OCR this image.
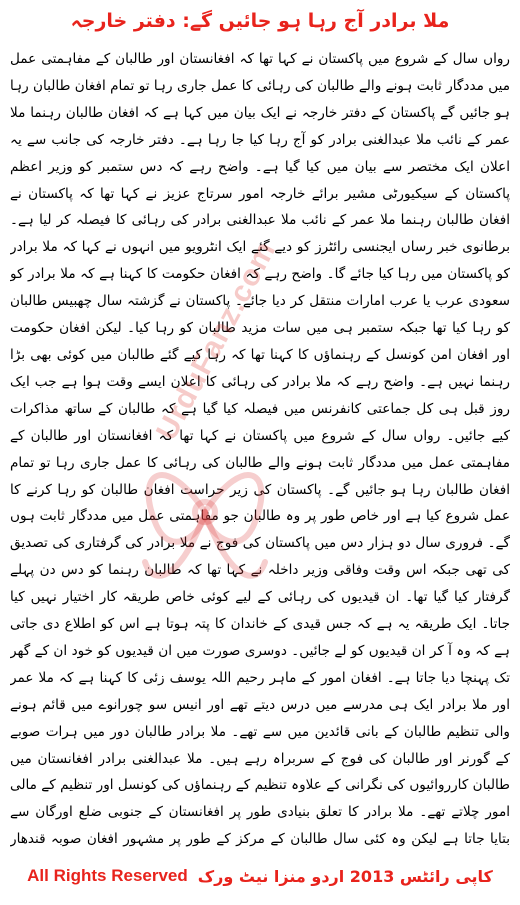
ملا برادر آج رہا ہو جائیں گے: دفتر خارجہ

رواں سال کے شروع میں پاکستان نے کہا تھا کہ افغانستان اور طالبان کے مفاہمتی عمل میں مددگار ثابت ہونے والے طالبان کی رہائی کا عمل جاری رہا تو تمام افغان طالبان رہا ہو جائیں گے پاکستان کے دفتر خارجہ نے ایک بیان میں کہا ہے کہ افغان طالبان رہنما ملا عمر کے نائب ملا عبدالغنی برادر کو آج رہا کیا جا رہا ہے۔ دفتر خارجہ کی جانب سے یہ اعلان ایک مختصر سے بیان میں کیا گیا ہے۔ واضح رہے کہ دس ستمبر کو وزیر اعظم پاکستان کے سیکیورٹی مشیر برائے خارجہ امور سرتاج عزیز نے کہا تھا کہ پاکستان نے افغان طالبان رہنما ملا عمر کے نائب ملا عبدالغنی برادر کی رہائی کا فیصلہ کر لیا ہے۔ برطانوی خبر رساں ایجنسی رائٹرز کو دیے گئے ایک انٹرویو میں انہوں نے کہا کہ ملا برادر کو پاکستان میں رہا کیا جائے گا۔ واضح رہے کہ افغان حکومت کا کہنا ہے کہ ملا برادر کو سعودی عرب یا عرب امارات منتقل کر دیا جائے۔ پاکستان نے گزشتہ سال چھبیس طالبان کو رہا کیا تھا جبکہ ستمبر ہی میں سات مزید طالبان کو رہا کیا۔ لیکن افغان حکومت اور افغان امن کونسل کے رہنماؤں کا کہنا تھا کہ رہا کیے گئے طالبان میں کوئی بھی بڑا رہنما نہیں ہے۔ واضح رہے کہ ملا برادر کی رہائی کا اعلان ایسے وقت ہوا ہے جب ایک روز قبل ہی کل جماعتی کانفرنس میں فیصلہ کیا گیا ہے کہ طالبان کے ساتھ مذاکرات کیے جائیں۔ رواں سال کے شروع میں پاکستان نے کہا تھا کہ افغانستان اور طالبان کے مفاہمتی عمل میں مددگار ثابت ہونے والے طالبان کی رہائی کا عمل جاری رہا تو تمام افغان طالبان رہا ہو جائیں گے۔ پاکستان کی زیر حراست افغان طالبان کو رہا کرنے کا عمل شروع کیا ہے اور خاص طور پر وہ طالبان جو مفاہمتی عمل میں مددگار ثابت ہوں گے۔ فروری سال دو ہزار دس میں پاکستان کی فوج نے ملا برادر کی گرفتاری کی تصدیق کی تھی جبکہ اس وقت وفاقی وزیر داخلہ نے کہا تھا کہ طالبان رہنما کو دس دن پہلے گرفتار کیا گیا تھا۔ ان قیدیوں کی رہائی کے لیے کوئی خاص طریقہ کار اختیار نہیں کیا جاتا۔ ایک طریقہ یہ ہے کہ جس قیدی کے خاندان کا پتہ ہوتا ہے اس کو اطلاع دی جاتی ہے کہ وہ آ کر ان قیدیوں کو لے جائیں۔ دوسری صورت میں ان قیدیوں کو خود ان کے گھر تک پہنچا دیا جاتا ہے۔ افغان امور کے ماہر رحیم اللہ یوسف زئی کا کہنا ہے کہ ملا عمر اور ملا برادر ایک ہی مدرسے میں درس دیتے تھے اور انیس سو چورانوے میں قائم ہونے والی تنظیم طالبان کے بانی قائدین میں سے تھے۔ ملا برادر طالبان دور میں ہرات صوبے کے گورنر اور طالبان کی فوج کے سربراہ رہے ہیں۔ ملا عبدالغنی برادر افغانستان میں طالبان کارروائیوں کی نگرانی کے علاوہ تنظیم کے رہنماؤں کی کونسل اور تنظیم کے مالی امور چلاتے تھے۔ ملا برادر کا تعلق بنیادی طور پر افغانستان کے جنوبی ضلع اورگان سے بتایا جاتا ہے لیکن وہ کئی سال طالبان کے مرکز کے طور پر مشہور افغان صوبہ قندھار

UrduFanz.com
All Rights Reserved کاپی رائٹس 2013 اردو منزا نیٹ ورک
